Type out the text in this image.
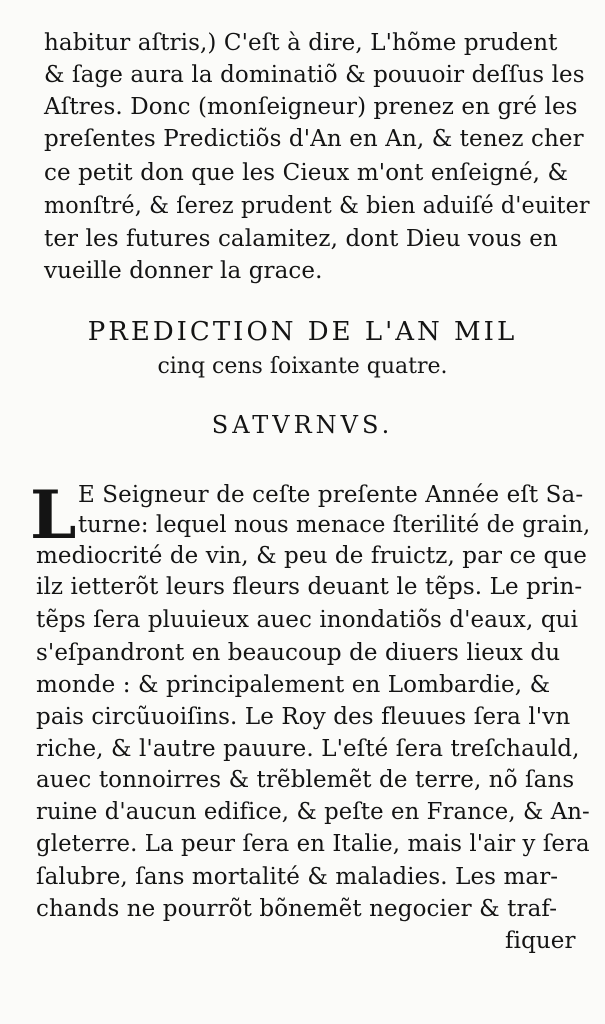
habitur aſtris,) C'eſt à dire, L'hõme prudent
& ſage aura la dominatiõ & pouuoir deſſus les
Aſtres. Donc (monſeigneur) prenez en gré les
preſentes Predictiõs d'An en An, & tenez cher
ce petit don que les Cieux m'ont enſeigné, &
monſtré, & ſerez prudent & bien aduiſé d'euiter
ter les futures calamitez, dont Dieu vous en
vueille donner la grace.
PREDICTION DE L'AN MIL
cinq cens ſoixante quatre.
SATVRNVS.
L E Seigneur de ceſte preſente Année eſt Sa-
turne: lequel nous menace ſterilité de grain,
mediocrité de vin, & peu de fruictz, par ce que
ilz ietterõt leurs fleurs deuant le tẽps. Le prin-
tẽps ſera pluuieux auec inondatiõs d'eaux, qui
s'eſpandront en beaucoup de diuers lieux du
monde : & principalement en Lombardie, &
pais circũuoiſins. Le Roy des fleuues ſera l'vn
riche, & l'autre pauure. L'eſté ſera treſchauld,
auec tonnoirres & trẽblemẽt de terre, nõ ſans
ruine d'aucun edifice, & peſte en France, & An-
gleterre. La peur ſera en Italie, mais l'air y ſera
ſalubre, ſans mortalité & maladies. Les mar-
chands ne pourrõt bõnemẽt negocier & traf-
fiquer
